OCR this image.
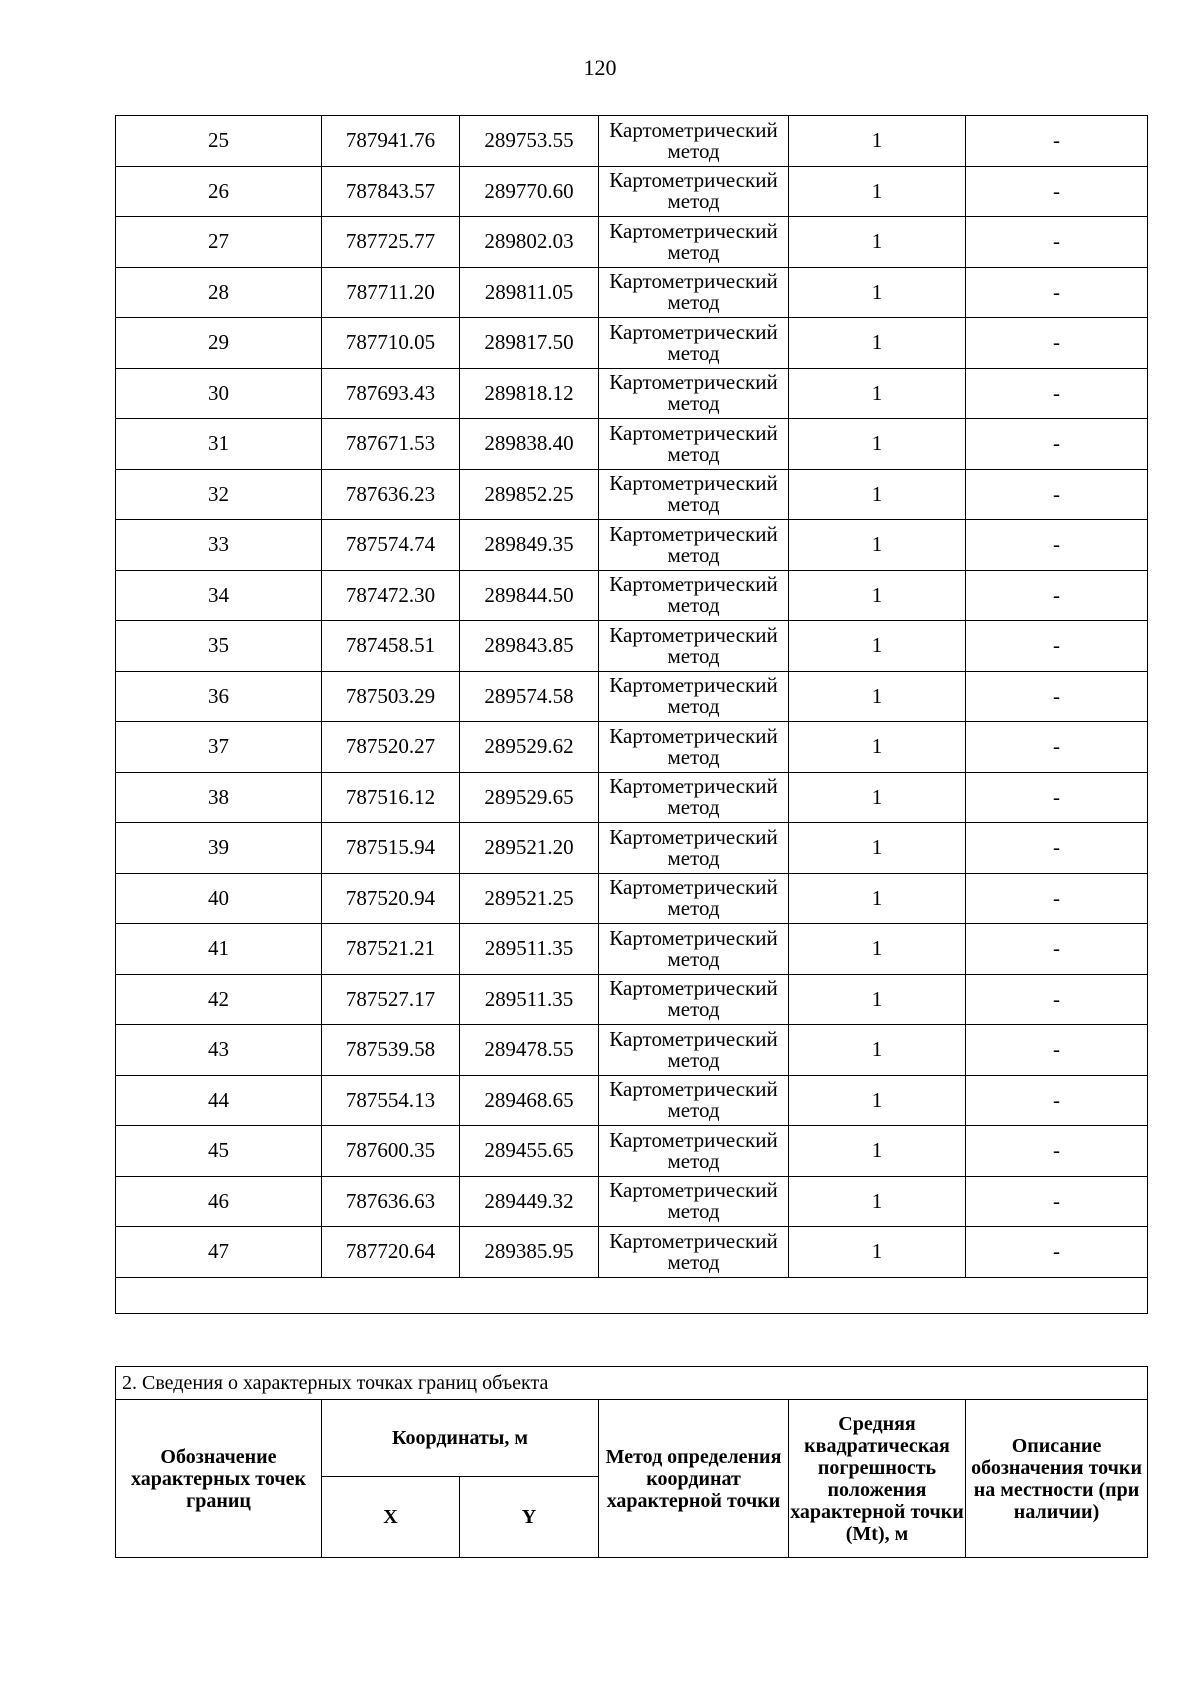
120
25	787941.76	289753.55	Картометрический метод	1	-
26	787843.57	289770.60	Картометрический метод	1	-
27	787725.77	289802.03	Картометрический метод	1	-
28	787711.20	289811.05	Картометрический метод	1	-
29	787710.05	289817.50	Картометрический метод	1	-
30	787693.43	289818.12	Картометрический метод	1	-
31	787671.53	289838.40	Картометрический метод	1	-
32	787636.23	289852.25	Картометрический метод	1	-
33	787574.74	289849.35	Картометрический метод	1	-
34	787472.30	289844.50	Картометрический метод	1	-
35	787458.51	289843.85	Картометрический метод	1	-
36	787503.29	289574.58	Картометрический метод	1	-
37	787520.27	289529.62	Картометрический метод	1	-
38	787516.12	289529.65	Картометрический метод	1	-
39	787515.94	289521.20	Картометрический метод	1	-
40	787520.94	289521.25	Картометрический метод	1	-
41	787521.21	289511.35	Картометрический метод	1	-
42	787527.17	289511.35	Картометрический метод	1	-
43	787539.58	289478.55	Картометрический метод	1	-
44	787554.13	289468.65	Картометрический метод	1	-
45	787600.35	289455.65	Картометрический метод	1	-
46	787636.63	289449.32	Картометрический метод	1	-
47	787720.64	289385.95	Картометрический метод	1	-

2. Сведения о характерных точках границ объекта					
Обозначение характерных точек границ	Координаты, м		Метод определения координат характерной точки	Средняя квадратическая погрешность положения характерной точки (Mt), м	Описание обозначения точки на местности (при наличии)
	X	Y			
